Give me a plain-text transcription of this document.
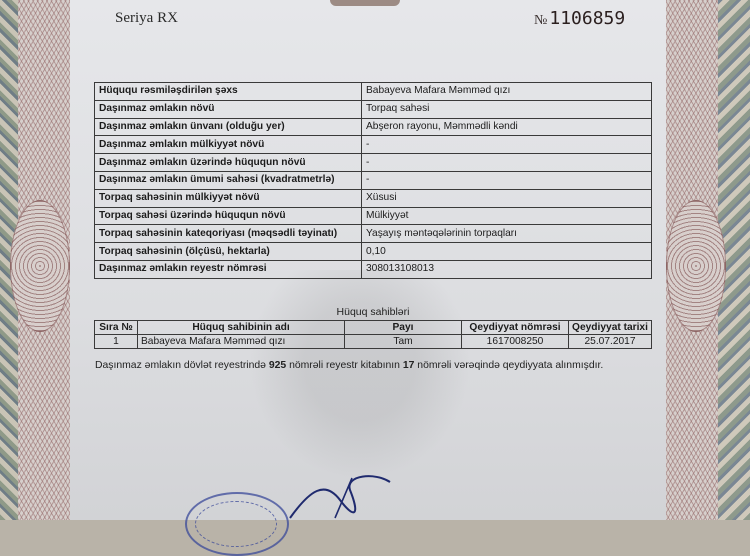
Seriya RX	№ 1106859
Hüququ rəsmiləşdirilən şəxs	Babayeva Mafara Məmməd qızı
Daşınmaz əmlakın növü	Torpaq sahəsi
Daşınmaz əmlakın ünvanı (olduğu yer)	Abşeron rayonu, Məmmədli kəndi
Daşınmaz əmlakın mülkiyyət növü	-
Daşınmaz əmlakın üzərində hüququn növü	-
Daşınmaz əmlakın ümumi sahəsi (kvadratmetrlə)	-
Torpaq sahəsinin mülkiyyət növü	Xüsusi
Torpaq sahəsi üzərində hüququn növü	Mülkiyyət
Torpaq sahəsinin kateqoriyası (məqsədli təyinatı)	Yaşayış məntəqələrinin torpaqları
Torpaq sahəsinin (ölçüsü, hektarla)	0,10
Daşınmaz əmlakın reyestr nömrəsi	308013108013
Hüquq sahibləri
Sıra №	Hüquq sahibinin adı	Payı	Qeydiyyat nömrəsi	Qeydiyyat tarixi
1	Babayeva Mafara Məmməd qızı	Tam	1617008250	25.07.2017
Daşınmaz əmlakın dövlət reyestrində 925 nömrəli reyestr kitabının 17 nömrəli vərəqində qeydiyyata alınmışdır.
